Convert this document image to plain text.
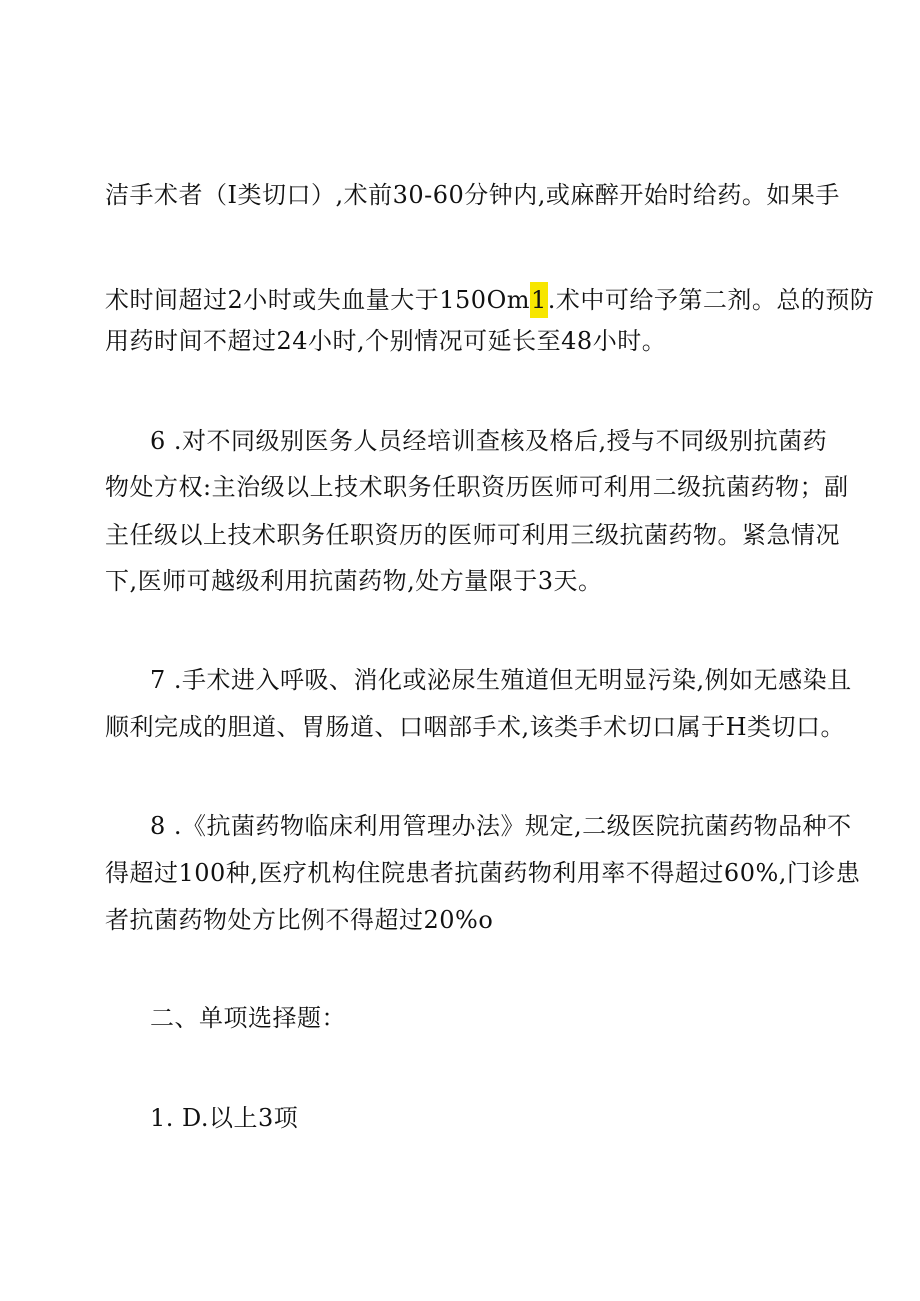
洁手术者（I类切口）,术前30-60分钟内,或麻醉开始时给药。如果手
术时间超过2小时或失血量大于150Om1.术中可给予第二剂。总的预防
用药时间不超过24小时,个别情况可延长至48小时。
6 .对不同级别医务人员经培训查核及格后,授与不同级别抗菌药
物处方权:主治级以上技术职务任职资历医师可利用二级抗菌药物；副
主任级以上技术职务任职资历的医师可利用三级抗菌药物。紧急情况
下,医师可越级利用抗菌药物,处方量限于3天。
7 .手术进入呼吸、消化或泌尿生殖道但无明显污染,例如无感染且
顺利完成的胆道、胃肠道、口咽部手术,该类手术切口属于H类切口。
8 .《抗菌药物临床利用管理办法》规定,二级医院抗菌药物品种不
得超过100种,医疗机构住院患者抗菌药物利用率不得超过60%,门诊患
者抗菌药物处方比例不得超过20%o
二、单项选择题：
1. D.以上3项
